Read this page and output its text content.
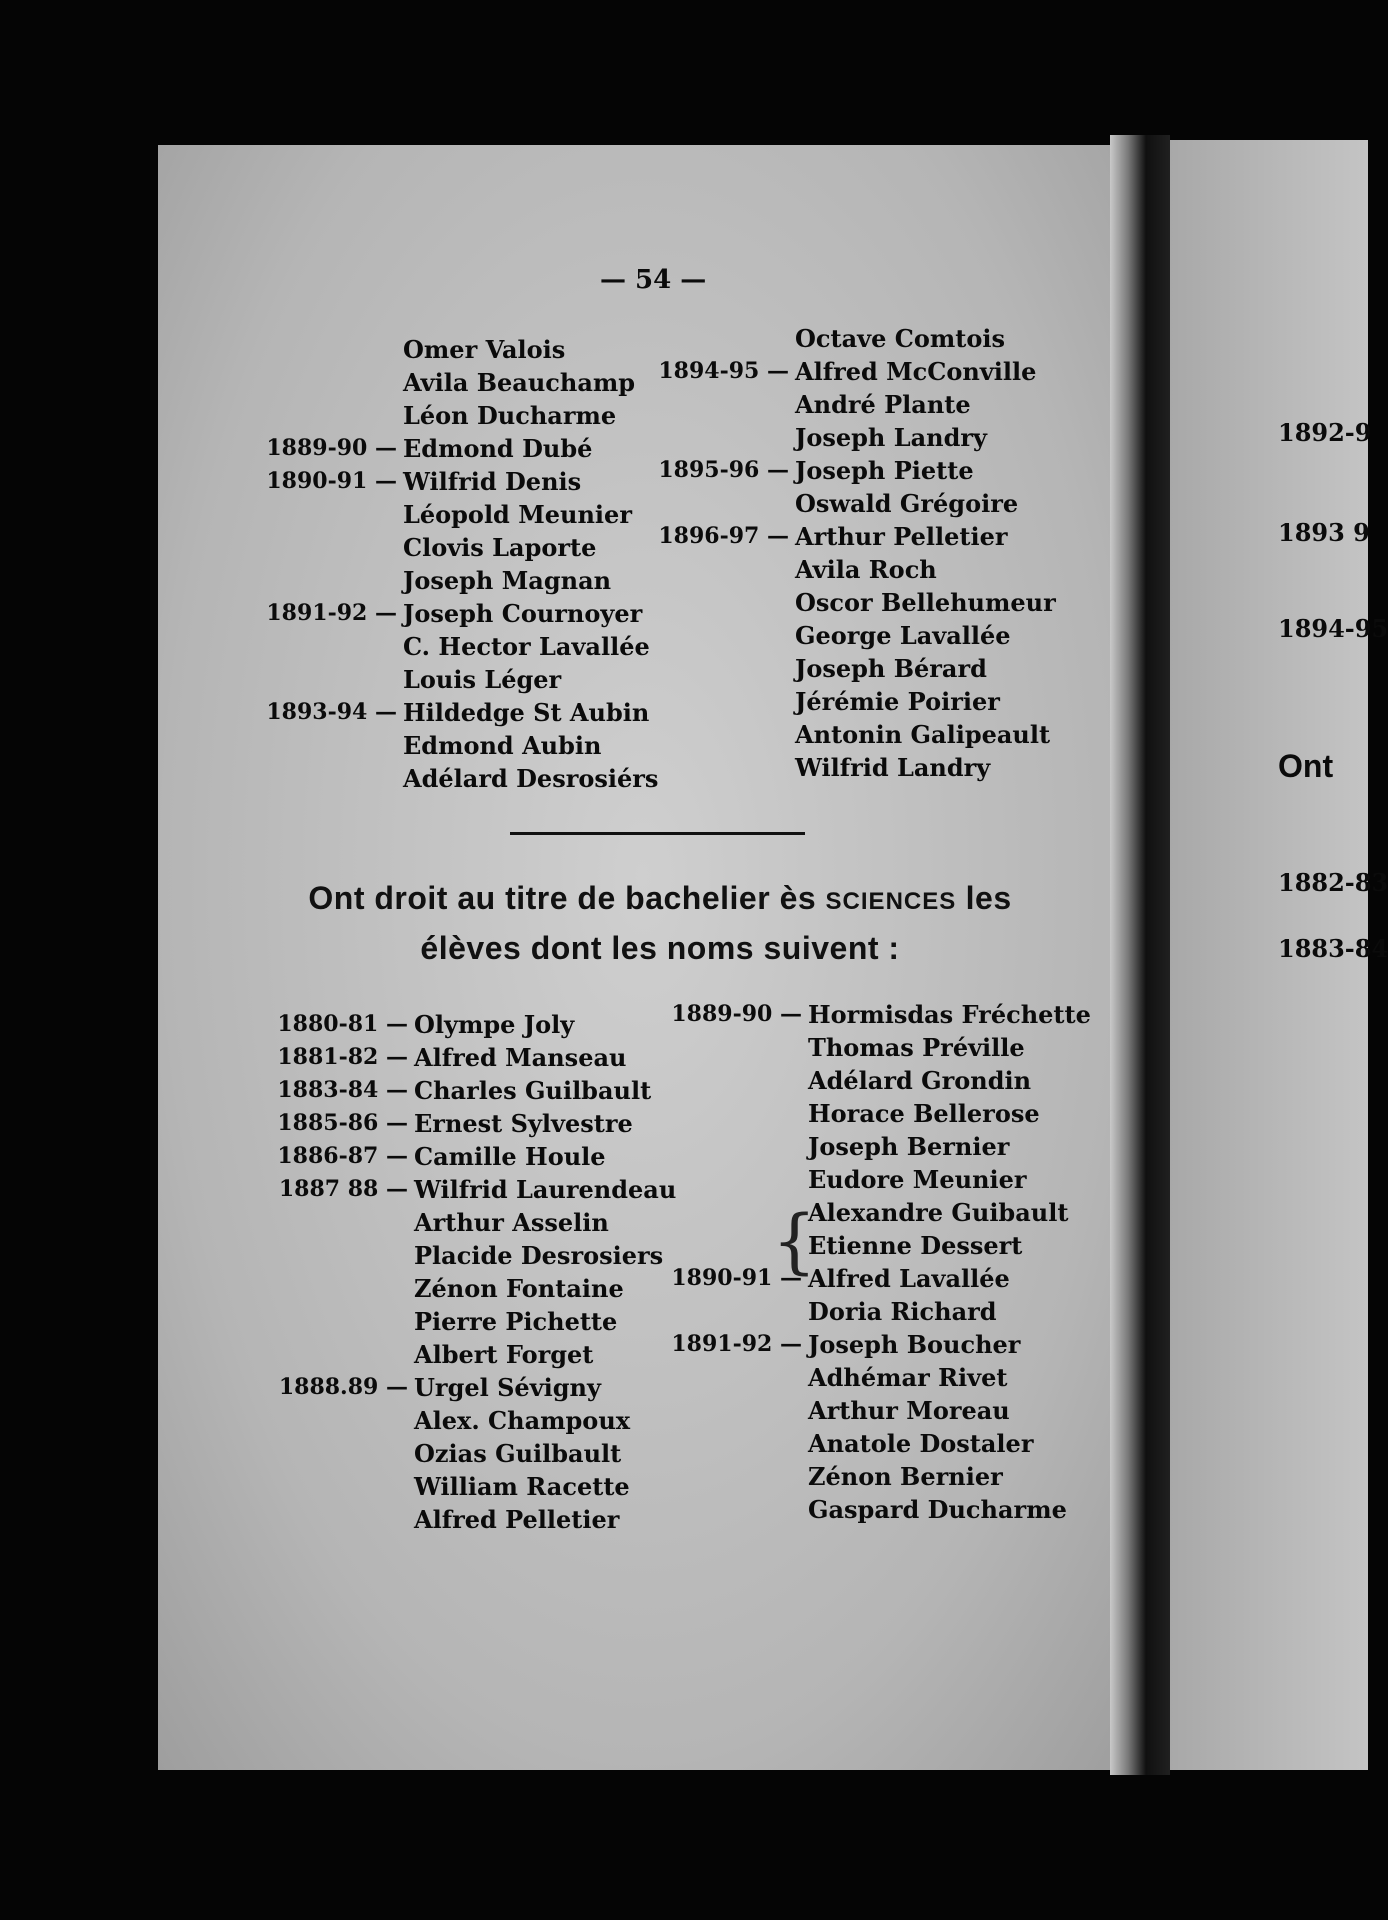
— 54 —
Omer Valois
Avila Beauchamp
Léon Ducharme
1889-90 — Edmond Dubé
1890-91 — Wilfrid Denis
Léopold Meunier
Clovis Laporte
Joseph Magnan
1891-92 — Joseph Cournoyer
C. Hector Lavallée
Louis Léger
1893-94 — Hildedge St Aubin
Edmond Aubin
Adélard Desrosiérs
Octave Comtois
1894-95 — Alfred McConville
André Plante
Joseph Landry
1895-96 — Joseph Piette
Oswald Grégoire
1896-97 — Arthur Pelletier
Avila Roch
Oscor Bellehumeur
George Lavallée
Joseph Bérard
Jérémie Poirier
Antonin Galipeault
Wilfrid Landry
Ont droit au titre de bachelier ès SCIENCES les
élèves dont les noms suivent :
1880-81 — Olympe Joly
1881-82 — Alfred Manseau
1883-84 — Charles Guilbault
1885-86 — Ernest Sylvestre
1886-87 — Camille Houle
1887 88 — Wilfrid Laurendeau
Arthur Asselin
Placide Desrosiers
Zénon Fontaine
Pierre Pichette
Albert Forget
1888.89 — Urgel Sévigny
Alex. Champoux
Ozias Guilbault
William Racette
Alfred Pelletier
1889-90 — Hormisdas Fréchette
Thomas Préville
Adélard Grondin
Horace Bellerose
Joseph Bernier
Eudore Meunier
Alexandre Guibault
Etienne Dessert
1890-91 — Alfred Lavallée
Doria Richard
1891-92 — Joseph Boucher
Adhémar Rivet
Arthur Moreau
Anatole Dostaler
Zénon Bernier
Gaspard Ducharme
{
1892-9
1893 9
1894-95
Ont
1882-83
1883-84
